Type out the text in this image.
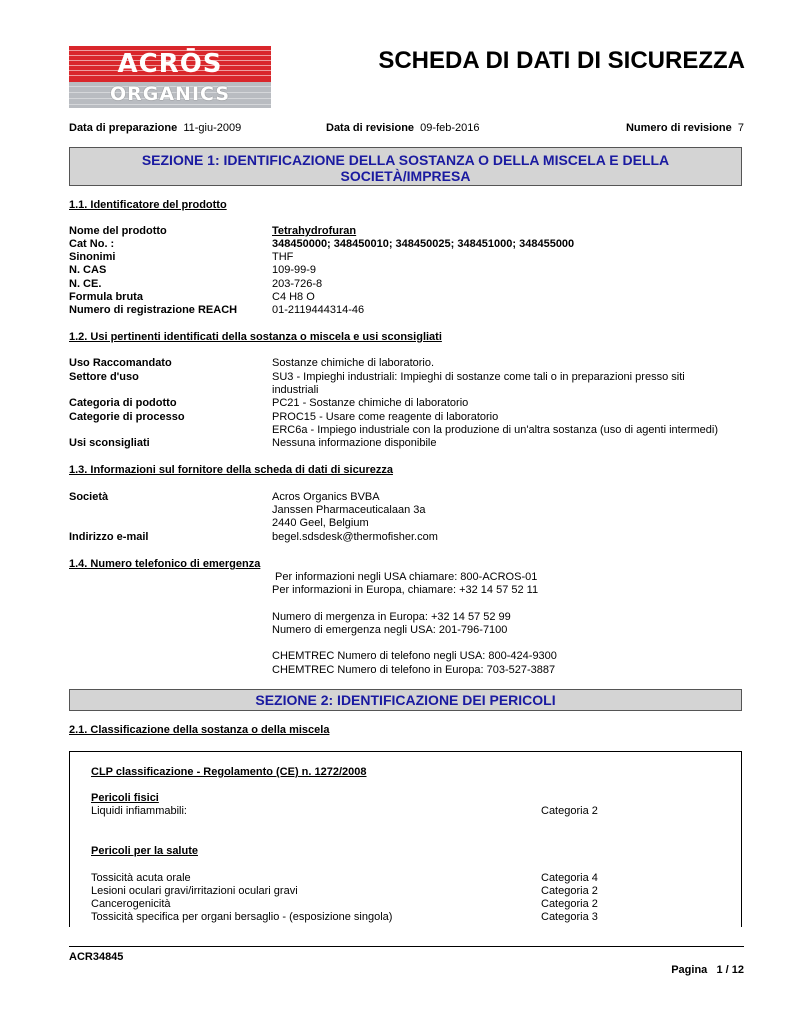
ACRŌS
ORGANICS
SCHEDA DI DATI DI SICUREZZA
Data di preparazione 11-giu-2009	Data di revisione 09-feb-2016	Numero di revisione 7
SEZIONE 1: IDENTIFICAZIONE DELLA SOSTANZA O DELLA MISCELA E DELLA
SOCIETÀ/IMPRESA
1.1. Identificatore del prodotto
Nome del prodotto	Tetrahydrofuran
Cat No. :	348450000; 348450010; 348450025; 348451000; 348455000
Sinonimi	THF
N. CAS	109-99-9
N. CE.	203-726-8
Formula bruta	C4 H8 O
Numero di registrazione REACH	01-2119444314-46
1.2. Usi pertinenti identificati della sostanza o miscela e usi sconsigliati
Uso Raccomandato	Sostanze chimiche di laboratorio.
Settore d'uso	SU3 - Impieghi industriali: Impieghi di sostanze come tali o in preparazioni presso siti
industriali
Categoria di podotto	PC21 - Sostanze chimiche di laboratorio
Categorie di processo	PROC15 - Usare come reagente di laboratorio
ERC6a - Impiego industriale con la produzione di un'altra sostanza (uso di agenti intermedi)
Usi sconsigliati	Nessuna informazione disponibile
1.3. Informazioni sul fornitore della scheda di dati di sicurezza
Società	Acros Organics BVBA
Janssen Pharmaceuticalaan 3a
2440 Geel, Belgium
Indirizzo e-mail	begel.sdsdesk@thermofisher.com
1.4. Numero telefonico di emergenza
Per informazioni negli USA chiamare: 800-ACROS-01
Per informazioni in Europa, chiamare: +32 14 57 52 11
Numero di mergenza in Europa: +32 14 57 52 99
Numero di emergenza negli USA: 201-796-7100
CHEMTREC Numero di telefono negli USA: 800-424-9300
CHEMTREC Numero di telefono in Europa: 703-527-3887
SEZIONE 2: IDENTIFICAZIONE DEI PERICOLI
2.1. Classificazione della sostanza o della miscela
CLP classificazione - Regolamento (CE) n. 1272/2008
Pericoli fisici
Liquidi infiammabili:	Categoria 2
Pericoli per la salute
Tossicità acuta orale	Categoria 4
Lesioni oculari gravi/irritazioni oculari gravi	Categoria 2
Cancerogenicità	Categoria 2
Tossicità specifica per organi bersaglio - (esposizione singola)	Categoria 3
ACR34845
Pagina 1 / 12
